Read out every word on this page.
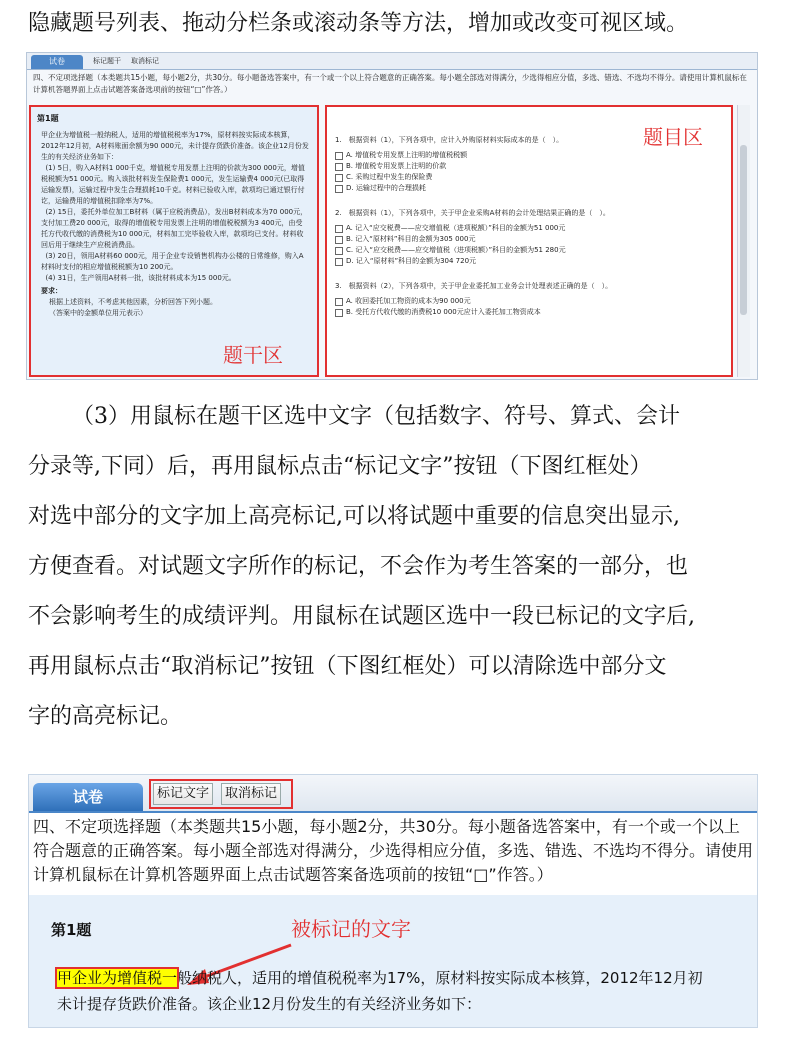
隐藏题号列表、拖动分栏条或滚动条等方法，增加或改变可视区域。
试卷	标记题干 取消标记
四、不定项选择题（本类题共15小题，每小题2分，共30分。每小题备选答案中，有一个或一个以上符合题意的正确答案。每小题全部选对得满分，少选得相应分值，多选、错选、不选均不得分。请使用计算机鼠标在计算机答题界面上点击试题答案备选项前的按钮“□”作答。）
第1题
甲企业为增值税一般纳税人，适用的增值税税率为17%，原材料按实际成本核算，2012年12月初，A材料账面余额为90 000元，未计提存货跌价准备。该企业12月份发生的有关经济业务如下：
(1) 5日，购入A材料1 000千克，增值税专用发票上注明的价款为300 000元，增值税税额为51 000元。购入该批材料发生保险费1 000元，发生运输费4 000元(已取得运输发票)，运输过程中发生合理损耗10千克。材料已验收入库，款项均已通过银行付讫，运输费用的增值税扣除率为7%。
(2) 15日，委托外单位加工B材料（属于应税消费品），发出B材料成本为70 000元，支付加工费20 000元，取得的增值税专用发票上注明的增值税税额为3 400元，由受托方代收代缴的消费税为10 000元，材料加工完毕验收入库，款项均已支付。材料收回后用于继续生产应税消费品。
(3) 20日，领用A材料60 000元，用于企业专设销售机构办公楼的日常维修，购入A材料时支付的相应增值税税额为10 200元。
(4) 31日，生产领用A材料一批，该批材料成本为15 000元。
要求：
根据上述资料，不考虑其他因素，分析回答下列小题。
（答案中的金额单位用元表示）
题干区
题目区
1.　根据资料（1），下列各项中，应计入外购原材料实际成本的是（　）。
A. 增值税专用发票上注明的增值税税额
B. 增值税专用发票上注明的价款
C. 采购过程中发生的保险费
D. 运输过程中的合理损耗
2.　根据资料（1），下列各项中，关于甲企业采购A材料的会计处理结果正确的是（　）。
A. 记入“应交税费——应交增值税（进项税额）”科目的金额为51 000元
B. 记入“原材料”科目的金额为305 000元
C. 记入“应交税费——应交增值税（进项税额）”科目的金额为51 280元
D. 记入“原材料”科目的金额为304 720元
3.　根据资料（2），下列各项中，关于甲企业委托加工业务会计处理表述正确的是（　）。
A. 收回委托加工物资的成本为90 000元
B. 受托方代收代缴的消费税10 000元应计入委托加工物资成本
（3）用鼠标在题干区选中文字（包括数字、符号、算式、会计
分录等,下同）后，再用鼠标点击“标记文字”按钮（下图红框处）
对选中部分的文字加上高亮标记,可以将试题中重要的信息突出显示,
方便查看。对试题文字所作的标记，不会作为考生答案的一部分，也
不会影响考生的成绩评判。用鼠标在试题区选中一段已标记的文字后,
再用鼠标点击“取消标记”按钮（下图红框处）可以清除选中部分文
字的高亮标记。
试卷	标记文字	取消标记
四、不定项选择题（本类题共15小题，每小题2分，共30分。每小题备选答案中，有一个或一个以上符合题意的正确答案。每小题全部选对得满分，少选得相应分值，多选、错选、不选均不得分。请使用计算机鼠标在计算机答题界面上点击试题答案备选项前的按钮“□”作答。）
第1题	被标记的文字
甲企业为增值税一般纳税人，适用的增值税税率为17%，原材料按实际成本核算，2012年12月初
未计提存货跌价准备。该企业12月份发生的有关经济业务如下：
